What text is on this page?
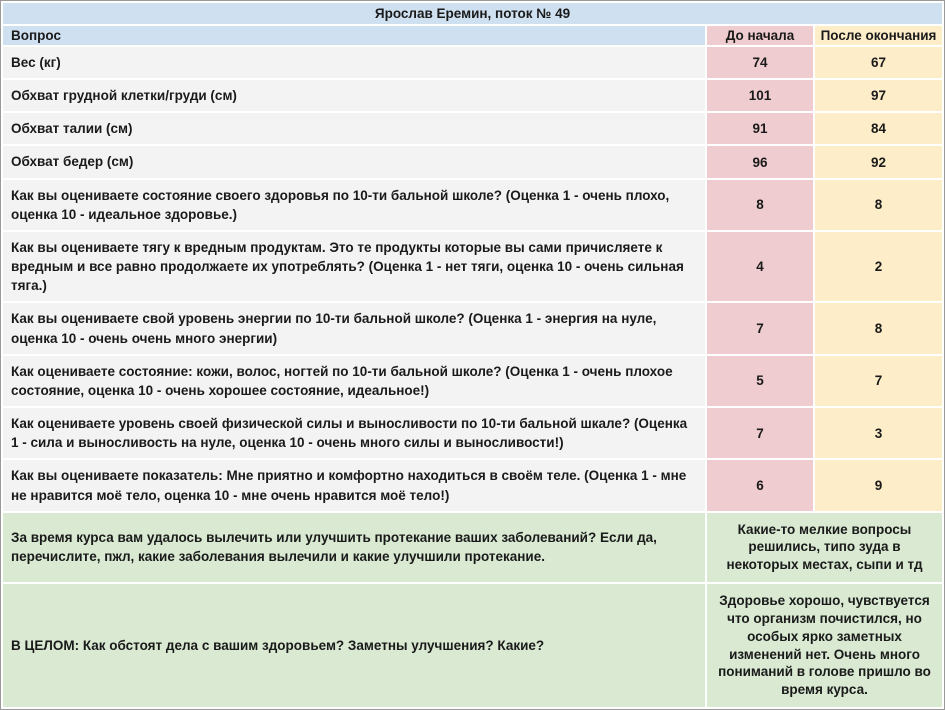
Ярослав Еремин, поток № 49		
Вопрос	До начала	После окончания
Вес (кг)	74	67
Обхват грудной клетки/груди (см)	101	97
Обхват талии (см)	91	84
Обхват бедер (см)	96	92
Как вы оцениваете состояние своего здоровья по 10-ти бальной школе? (Оценка 1 - очень плохо, оценка 10 - идеальное здоровье.)	8	8
Как вы оцениваете тягу к вредным продуктам. Это те продукты которые вы сами причисляете к вредным и все равно продолжаете их употреблять? (Оценка 1 - нет тяги, оценка 10 - очень сильная тяга.)	4	2
Как вы оцениваете свой уровень энергии по 10-ти бальной школе? (Оценка 1 - энергия на нуле, оценка 10 - очень очень много энергии)	7	8
Как оцениваете состояние: кожи, волос, ногтей по 10-ти бальной школе? (Оценка 1 - очень плохое состояние, оценка 10 - очень хорошее состояние, идеальное!)	5	7
Как оцениваете уровень своей физической силы и выносливости по 10-ти бальной шкале? (Оценка 1 - сила и выносливость на нуле, оценка 10 - очень много силы и выносливости!)	7	3
Как вы оцениваете показатель: Мне приятно и комфортно находиться в своём теле. (Оценка 1 - мне не нравится моё тело, оценка 10 - мне очень нравится моё тело!)	6	9
За время курса вам удалось вылечить или улучшить протекание ваших заболеваний? Если да, перечислите, пжл, какие заболевания вылечили и какие улучшили протекание.	Какие-то мелкие вопросы решились, типо зуда в некоторых местах, сыпи и тд	
В ЦЕЛОМ: Как обстоят дела с вашим здоровьем? Заметны улучшения? Какие?	Здоровье хорошо, чувствуется что организм почистился, но особых ярко заметных изменений нет. Очень много пониманий в голове пришло во время курса.	
